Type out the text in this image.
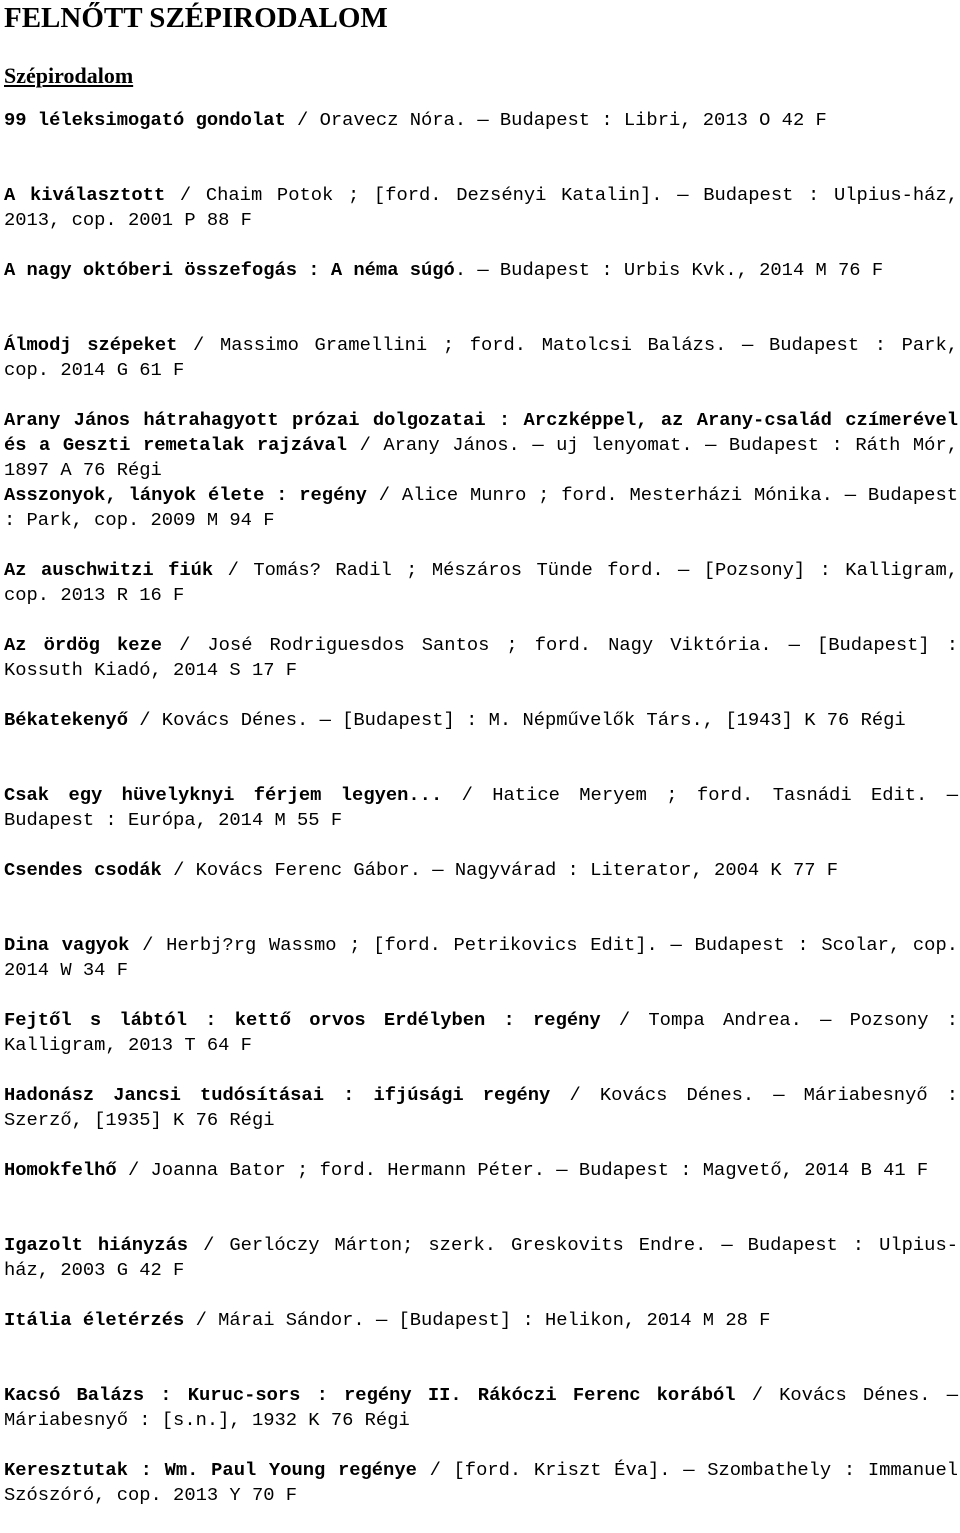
FELNŐTT SZÉPIRODALOM
Szépirodalom

99 léleksimogató gondolat / Oravecz Nóra. — Budapest : Libri, 2013 O 42 F

A kiválasztott / Chaim Potok ; [ford. Dezsényi Katalin]. — Budapest : Ulpius-ház, 2013, cop. 2001 P 88 F

A nagy októberi összefogás : A néma súgó. — Budapest : Urbis Kvk., 2014 M 76 F

Álmodj szépeket / Massimo Gramellini ; ford. Matolcsi Balázs. — Budapest : Park, cop. 2014 G 61 F

Arany János hátrahagyott prózai dolgozatai : Arczképpel, az Arany-család czímerével és a Geszti remetalak rajzával / Arany János. — uj lenyomat. — Budapest : Ráth Mór, 1897 A 76 Régi

Asszonyok, lányok élete : regény / Alice Munro ; ford. Mesterházi Mónika. — Budapest : Park, cop. 2009 M 94 F

Az auschwitzi fiúk / Tomás? Radil ; Mészáros Tünde ford. — [Pozsony] : Kalligram, cop. 2013 R 16 F

Az ördög keze / José Rodriguesdos Santos ; ford. Nagy Viktória. — [Budapest] : Kossuth Kiadó, 2014 S 17 F

Békatekenyő / Kovács Dénes. — [Budapest] : M. Népművelők Társ., [1943] K 76 Régi

Csak egy hüvelyknyi férjem legyen... / Hatice Meryem ; ford. Tasnádi Edit. — Budapest : Európa, 2014 M 55 F

Csendes csodák / Kovács Ferenc Gábor. — Nagyvárad : Literator, 2004 K 77 F

Dina vagyok / Herbj?rg Wassmo ; [ford. Petrikovics Edit]. — Budapest : Scolar, cop. 2014 W 34 F

Fejtől s lábtól : kettő orvos Erdélyben : regény / Tompa Andrea. — Pozsony : Kalligram, 2013 T 64 F

Hadonász Jancsi tudósításai : ifjúsági regény / Kovács Dénes. — Máriabesnyő : Szerző, [1935] K 76 Régi

Homokfelhő / Joanna Bator ; ford. Hermann Péter. — Budapest : Magvető, 2014 B 41 F

Igazolt hiányzás / Gerlóczy Márton; szerk. Greskovits Endre. — Budapest : Ulpius-ház, 2003 G 42 F

Itália életérzés / Márai Sándor. — [Budapest] : Helikon, 2014 M 28 F

Kacsó Balázs : Kuruc-sors : regény II. Rákóczi Ferenc korából / Kovács Dénes. — Máriabesnyő : [s.n.], 1932 K 76 Régi

Keresztutak : Wm. Paul Young regénye / [ford. Kriszt Éva]. — Szombathely : Immanuel Szószóró, cop. 2013 Y 70 F
